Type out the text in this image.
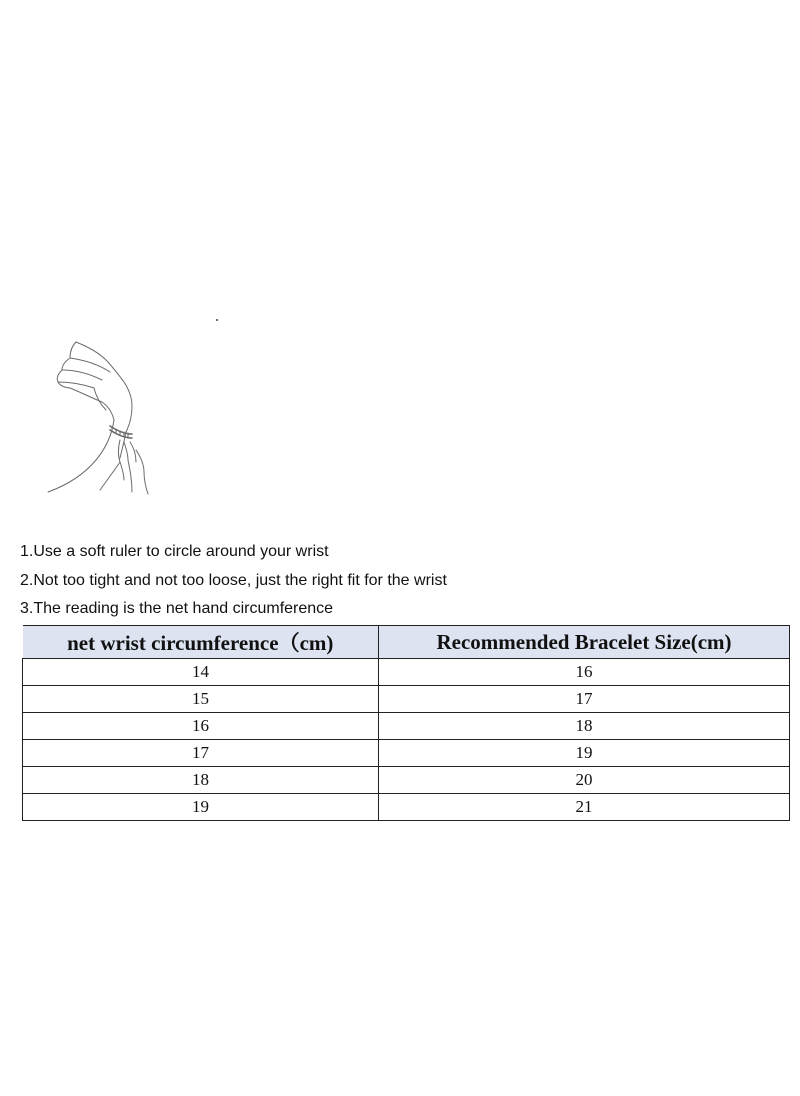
1.Use a soft ruler to circle around your wrist
2.Not too tight and not too loose, just the right fit for the wrist
3.The reading is the net hand circumference
net wrist circumference（cm)	Recommended Bracelet Size(cm)
14	16
15	17
16	18
17	19
18	20
19	21
